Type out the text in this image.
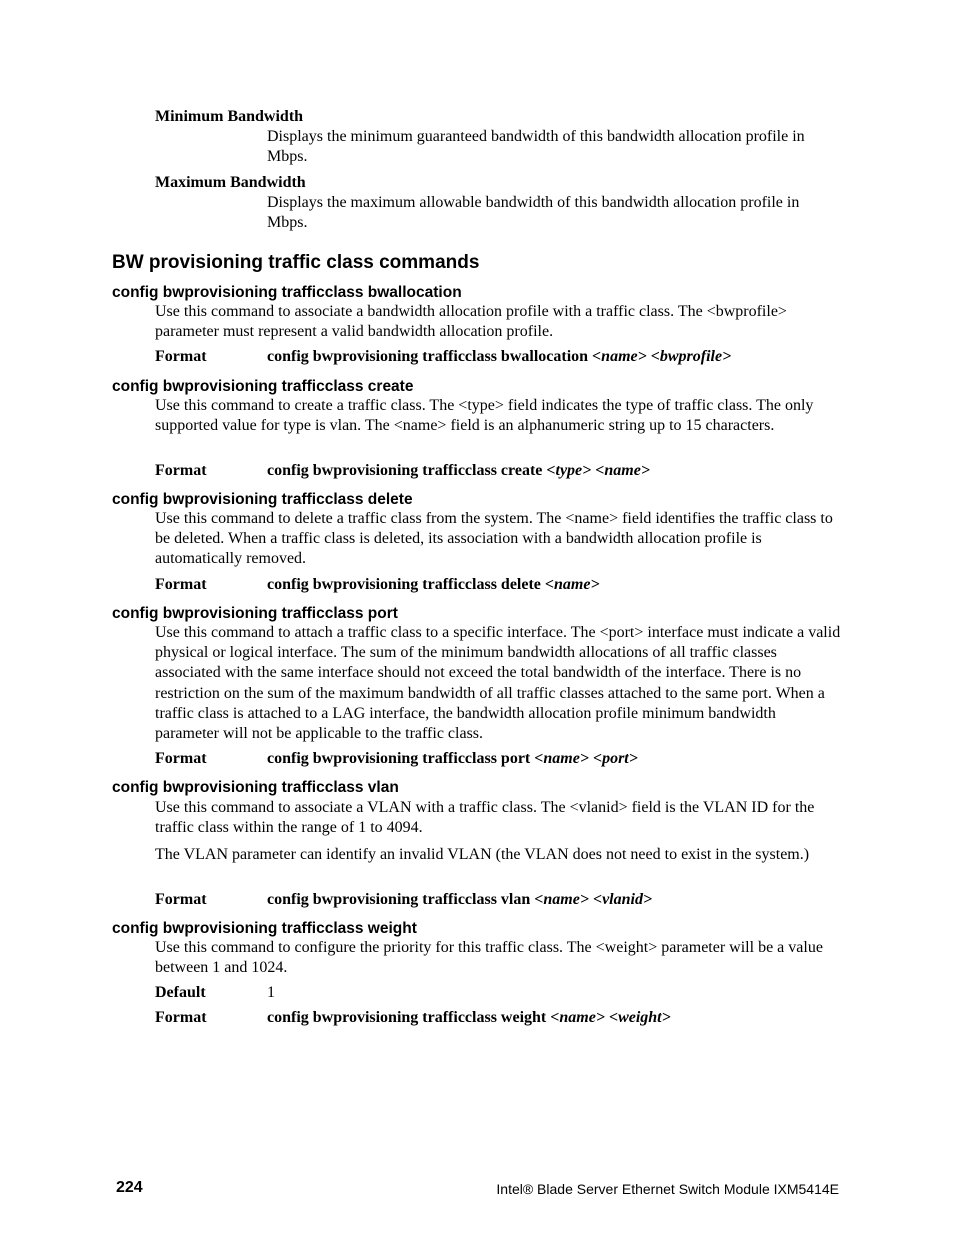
Minimum Bandwidth
Displays the minimum guaranteed bandwidth of this bandwidth allocation profile in Mbps.
Maximum Bandwidth
Displays the maximum allowable bandwidth of this bandwidth allocation profile in Mbps.
BW provisioning traffic class commands
config bwprovisioning trafficclass bwallocation
Use this command to associate a bandwidth allocation profile with a traffic class. The <bwprofile> parameter must represent a valid bandwidth allocation profile.
Format	config bwprovisioning trafficclass bwallocation <name> <bwprofile>
config bwprovisioning trafficclass create
Use this command to create a traffic class. The <type> field indicates the type of traffic class. The only supported value for type is vlan. The <name> field is an alphanumeric string up to 15 characters.
Format	config bwprovisioning trafficclass create <type> <name>
config bwprovisioning trafficclass delete
Use this command to delete a traffic class from the system. The <name> field identifies the traffic class to be deleted. When a traffic class is deleted, its association with a bandwidth allocation profile is automatically removed.
Format	config bwprovisioning trafficclass delete <name>
config bwprovisioning trafficclass port
Use this command to attach a traffic class to a specific interface. The <port> interface must indicate a valid physical or logical interface. The sum of the minimum bandwidth allocations of all traffic classes associated with the same interface should not exceed the total bandwidth of the interface. There is no restriction on the sum of the maximum bandwidth of all traffic classes attached to the same port. When a traffic class is attached to a LAG interface, the bandwidth allocation profile minimum bandwidth parameter will not be applicable to the traffic class.
Format	config bwprovisioning trafficclass port <name> <port>
config bwprovisioning trafficclass vlan
Use this command to associate a VLAN with a traffic class. The <vlanid> field is the VLAN ID for the traffic class within the range of 1 to 4094.
The VLAN parameter can identify an invalid VLAN (the VLAN does not need to exist in the system.)
Format	config bwprovisioning trafficclass vlan <name> <vlanid>
config bwprovisioning trafficclass weight
Use this command to configure the priority for this traffic class. The <weight> parameter will be a value between 1 and 1024.
Default	1
Format	config bwprovisioning trafficclass weight <name> <weight>
224	Intel® Blade Server Ethernet Switch Module IXM5414E
